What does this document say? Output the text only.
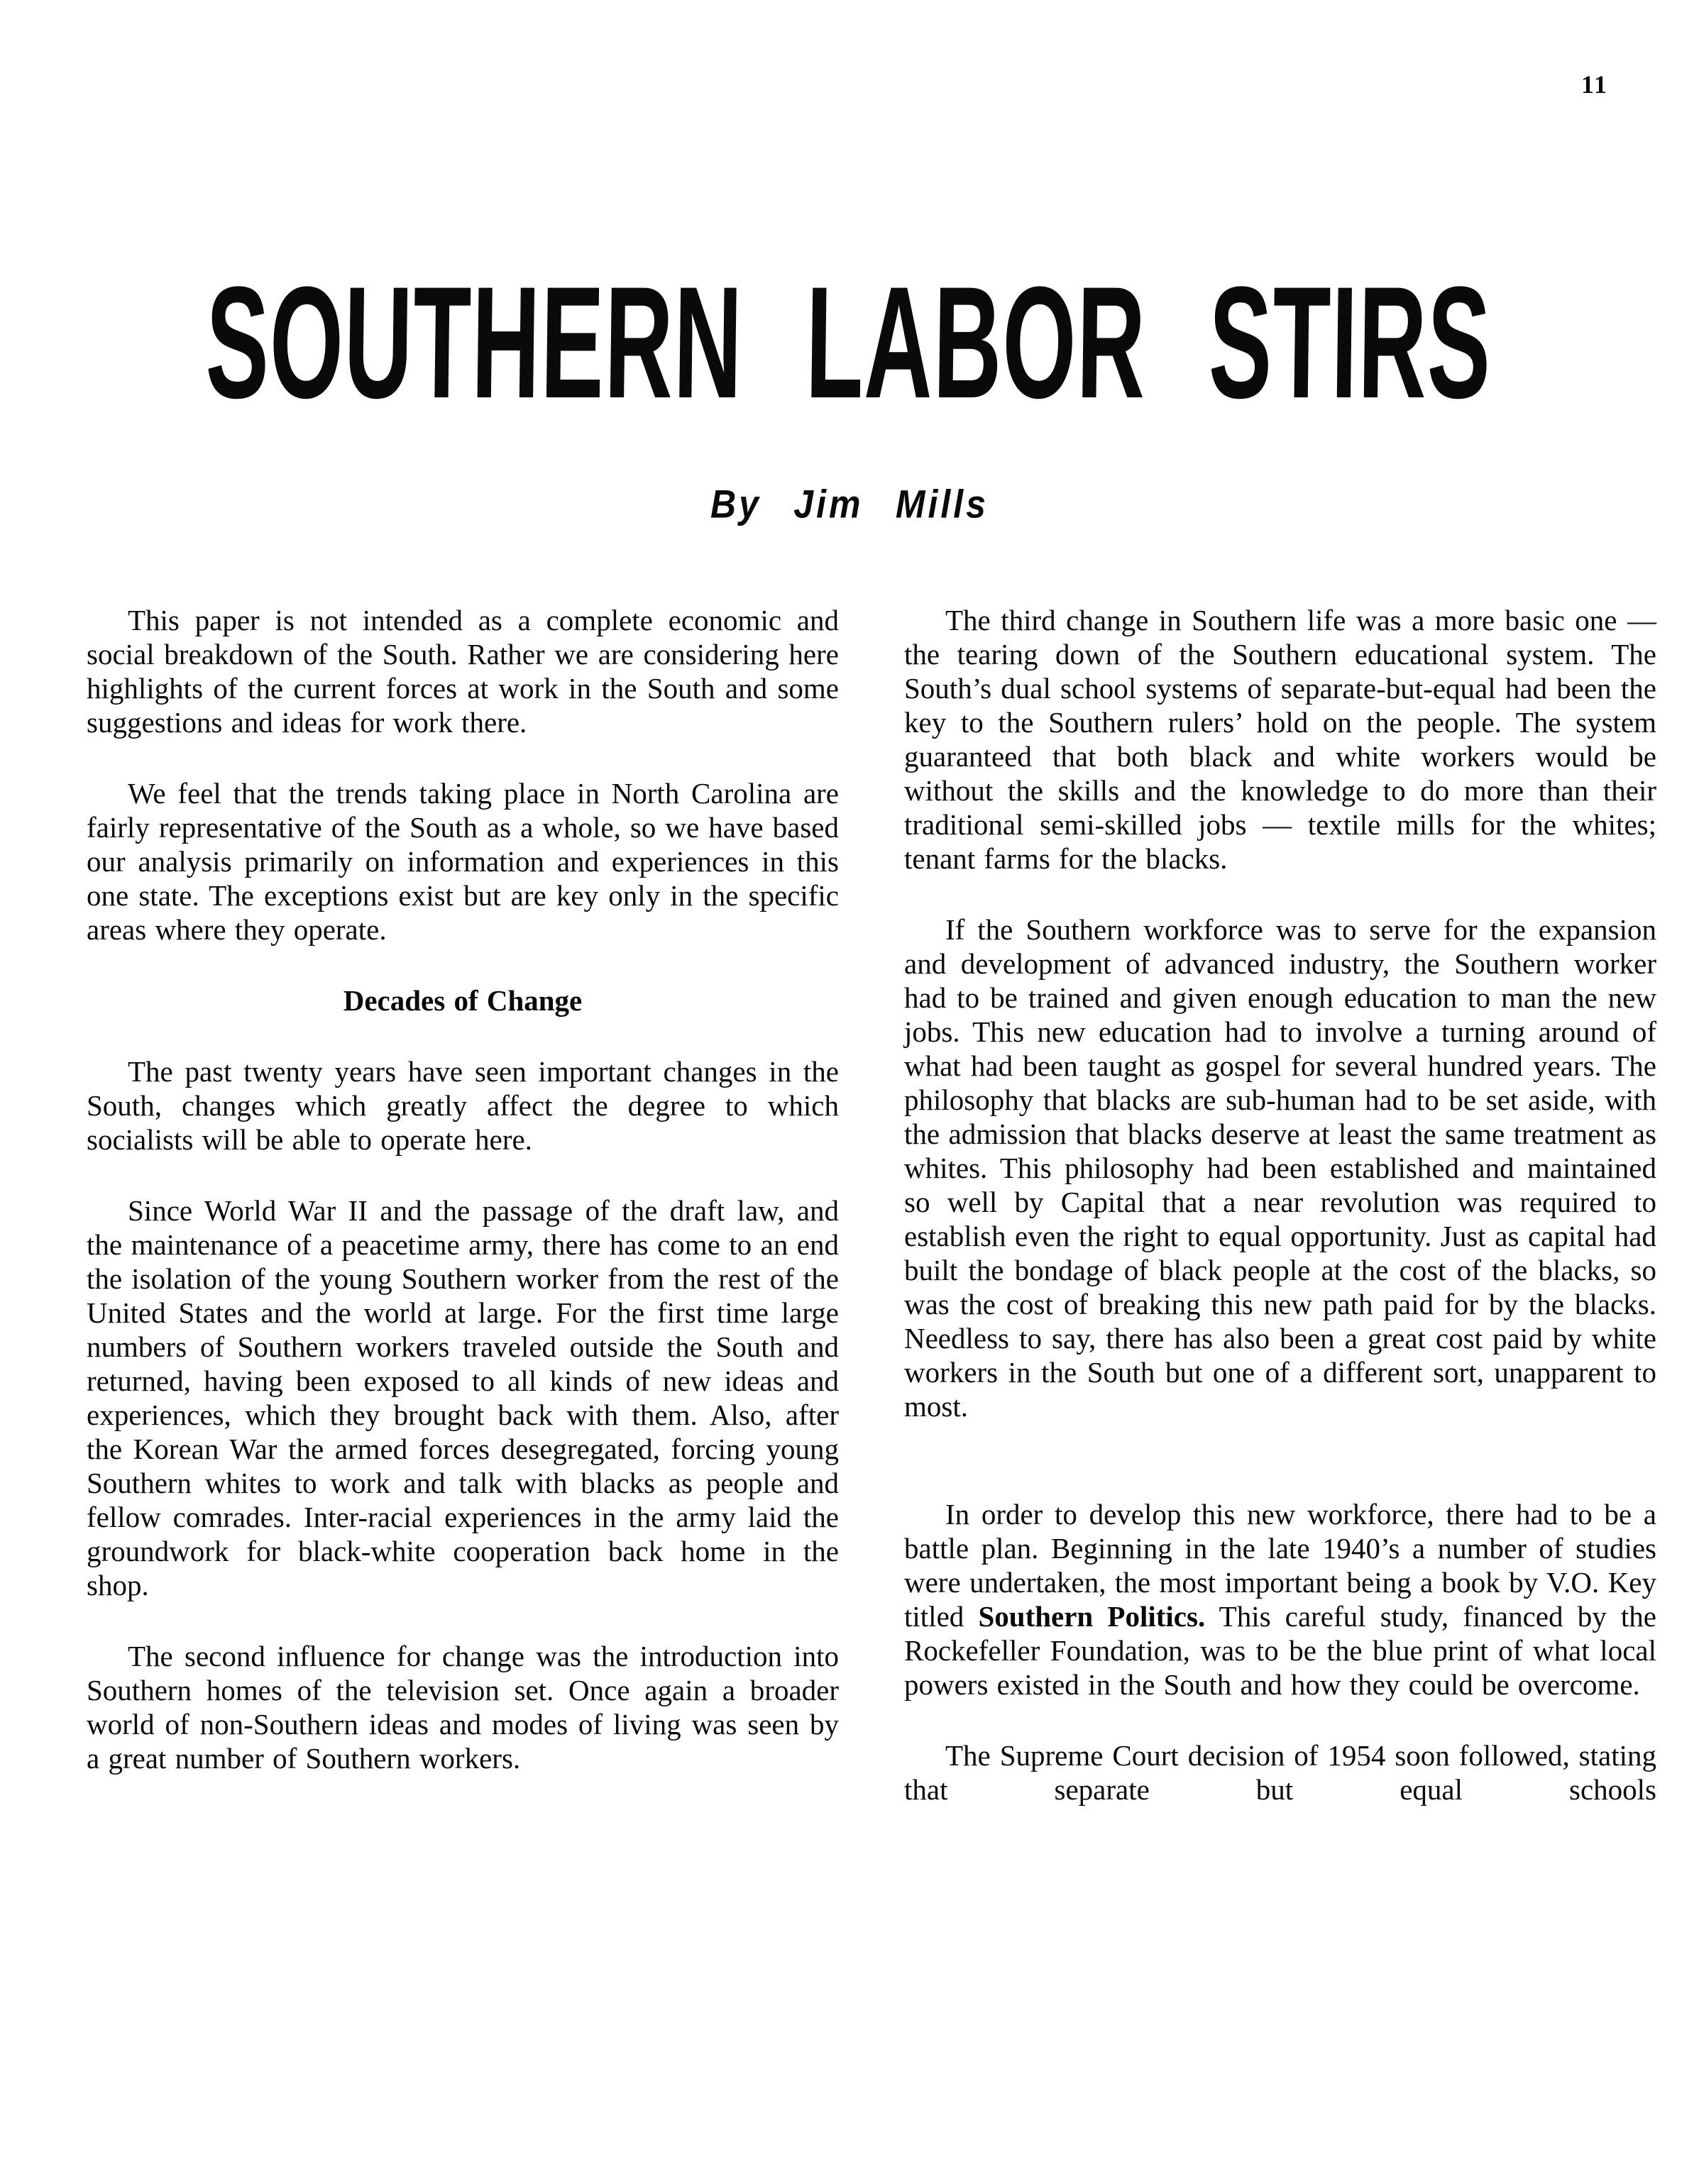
11
SOUTHERN LABOR STIRS
By Jim Mills

This paper is not intended as a complete economic and social breakdown of the South. Rather we are considering here highlights of the current forces at work in the South and some suggestions and ideas for work there.

We feel that the trends taking place in North Carolina are fairly representative of the South as a whole, so we have based our analysis primarily on information and experiences in this one state. The exceptions exist but are key only in the specific areas where they operate.

Decades of Change

The past twenty years have seen important changes in the South, changes which greatly affect the degree to which socialists will be able to operate here.

Since World War II and the passage of the draft law, and the maintenance of a peacetime army, there has come to an end the isolation of the young Southern worker from the rest of the United States and the world at large. For the first time large numbers of Southern workers traveled outside the South and returned, having been exposed to all kinds of new ideas and experiences, which they brought back with them. Also, after the Korean War the armed forces desegregated, forcing young Southern whites to work and talk with blacks as people and fellow comrades. Inter-racial experiences in the army laid the groundwork for black-white cooperation back home in the shop.

The second influence for change was the introduction into Southern homes of the television set. Once again a broader world of non-Southern ideas and modes of living was seen by a great number of Southern workers.

The third change in Southern life was a more basic one — the tearing down of the Southern educational system. The South’s dual school systems of separate-but-equal had been the key to the Southern rulers’ hold on the people. The system guaranteed that both black and white workers would be without the skills and the knowledge to do more than their traditional semi-skilled jobs — textile mills for the whites; tenant farms for the blacks.

If the Southern workforce was to serve for the expansion and development of advanced industry, the Southern worker had to be trained and given enough education to man the new jobs. This new education had to involve a turning around of what had been taught as gospel for several hundred years. The philosophy that blacks are sub-human had to be set aside, with the admission that blacks deserve at least the same treatment as whites. This philosophy had been established and maintained so well by Capital that a near revolution was required to establish even the right to equal opportunity. Just as capital had built the bondage of black people at the cost of the blacks, so was the cost of breaking this new path paid for by the blacks. Needless to say, there has also been a great cost paid by white workers in the South but one of a different sort, unapparent to most.

In order to develop this new workforce, there had to be a battle plan. Beginning in the late 1940’s a number of studies were undertaken, the most important being a book by V.O. Key titled Southern Politics. This careful study, financed by the Rockefeller Foundation, was to be the blue print of what local powers existed in the South and how they could be overcome.

The Supreme Court decision of 1954 soon followed, stating that separate but equal schools
